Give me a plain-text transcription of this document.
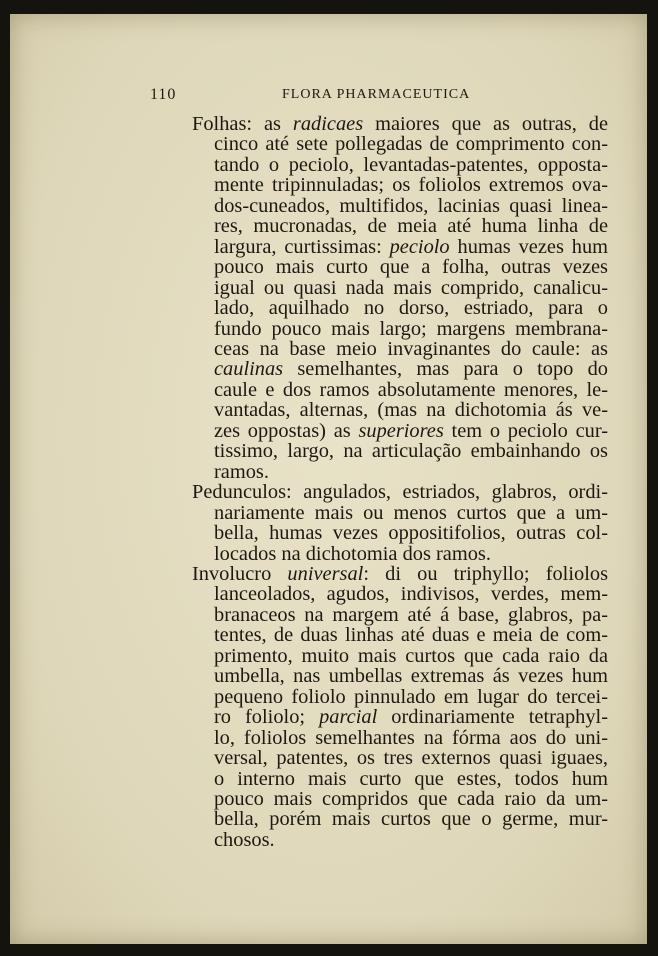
110	FLORA PHARMACEUTICA
Folhas: as radicaes maiores que as outras, de
cinco até sete pollegadas de comprimento con-
tando o peciolo, levantadas-patentes, opposta-
mente tripinnuladas; os foliolos extremos ova-
dos-cuneados, multifidos, lacinias quasi linea-
res, mucronadas, de meia até huma linha de
largura, curtissimas: peciolo humas vezes hum
pouco mais curto que a folha, outras vezes
igual ou quasi nada mais comprido, canalicu-
lado, aquilhado no dorso, estriado, para o
fundo pouco mais largo; margens membrana-
ceas na base meio invaginantes do caule: as
caulinas semelhantes, mas para o topo do
caule e dos ramos absolutamente menores, le-
vantadas, alternas, (mas na dichotomia ás ve-
zes oppostas) as superiores tem o peciolo cur-
tissimo, largo, na articulação embainhando os
ramos.
Pedunculos: angulados, estriados, glabros, ordi-
nariamente mais ou menos curtos que a um-
bella, humas vezes oppositifolios, outras col-
locados na dichotomia dos ramos.
Involucro universal: di ou triphyllo; foliolos
lanceolados, agudos, indivisos, verdes, mem-
branaceos na margem até á base, glabros, pa-
tentes, de duas linhas até duas e meia de com-
primento, muito mais curtos que cada raio da
umbella, nas umbellas extremas ás vezes hum
pequeno foliolo pinnulado em lugar do tercei-
ro foliolo; parcial ordinariamente tetraphyl-
lo, foliolos semelhantes na fórma aos do uni-
versal, patentes, os tres externos quasi iguaes,
o interno mais curto que estes, todos hum
pouco mais compridos que cada raio da um-
bella, porém mais curtos que o germe, mur-
chosos.
